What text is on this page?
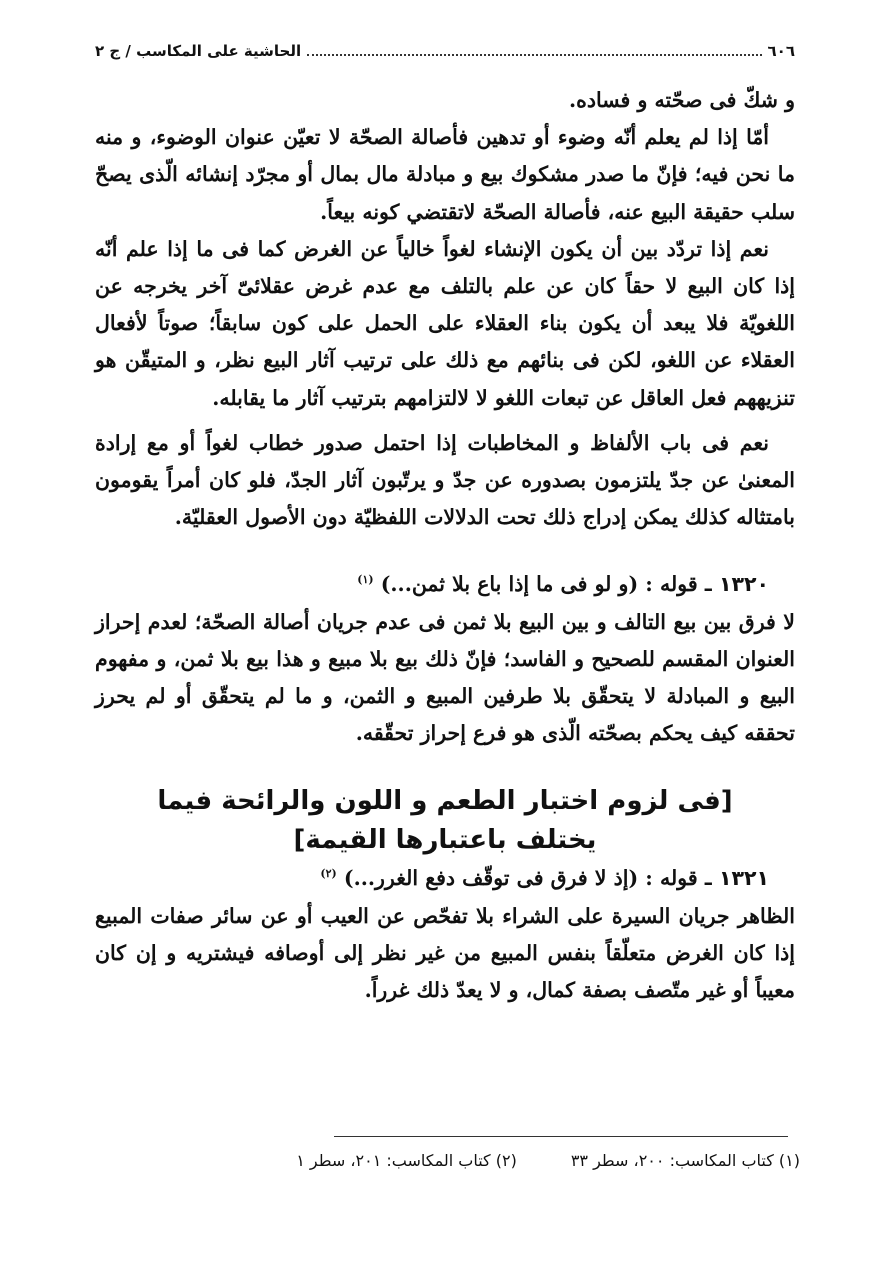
الحاشية على المكاسب / ج ٢	٦٠٦

و شكّ فى صحّته و فساده.

أمّا إذا لم يعلم أنّه وضوء أو تدهين فأصالة الصحّة لا تعيّن عنوان الوضوء، و منه ما نحن فيه؛ فإنّ ما صدر مشكوك بيع و مبادلة مال بمال أو مجرّد إنشائه الّذى يصحّ سلب حقيقة البيع عنه، فأصالة الصحّة لاتقتضي كونه بيعاً.

نعم إذا تردّد بين أن يكون الإنشاء لغواً خالياً عن الغرض كما فى ما إذا علم أنّه إذا كان البيع لا حقاً كان عن علم بالتلف مع عدم غرض عقلائىّ آخر يخرجه عن اللغويّة فلا يبعد أن يكون بناء العقلاء على الحمل على كون سابقاً؛ صوتاً لأفعال العقلاء عن اللغو، لكن فى بنائهم مع ذلك على ترتيب آثار البيع نظر، و المتيقّن هو تنزيههم فعل العاقل عن تبعات اللغو لا لالتزامهم بترتيب آثار ما يقابله.

نعم فى باب الألفاظ و المخاطبات إذا احتمل صدور خطاب لغواً أو مع إرادة المعنىٰ عن جدّ يلتزمون بصدوره عن جدّ و يرتّبون آثار الجدّ، فلو كان أمراً يقومون بامتثاله كذلك يمكن إدراج ذلك تحت الدلالات اللفظيّة دون الأصول العقليّة.

١٣٢٠ ـ قوله : (و لو فى ما إذا باع بلا ثمن...) $^{(١)}$

لا فرق بين بيع التالف و بين البيع بلا ثمن فى عدم جريان أصالة الصحّة؛ لعدم إحراز العنوان المقسم للصحيح و الفاسد؛ فإنّ ذلك بيع بلا مبيع و هذا بيع بلا ثمن، و مفهوم البيع و المبادلة لا يتحقّق بلا طرفين المبيع و الثمن، و ما لم يتحقّق أو لم يحرز تحققه كيف يحكم بصحّته الّذى هو فرع إحراز تحقّقه.

[فى لزوم اختبار الطعم و اللون والرائحة فيما
يختلف باعتبارها القيمة]

١٣٢١ ـ قوله : (إذ لا فرق فى توقّف دفع الغرر...) $^{(٢)}$

الظاهر جريان السيرة على الشراء بلا تفحّص عن العيب أو عن سائر صفات المبيع إذا كان الغرض متعلّقاً بنفس المبيع من غير نظر إلى أوصافه فيشتريه و إن كان معيباً أو غير متّصف بصفة كمال، و لا يعدّ ذلك غرراً.

(١) كتاب المكاسب: ٢٠٠، سطر ٣٣
(٢) كتاب المكاسب: ٢٠١، سطر ١
